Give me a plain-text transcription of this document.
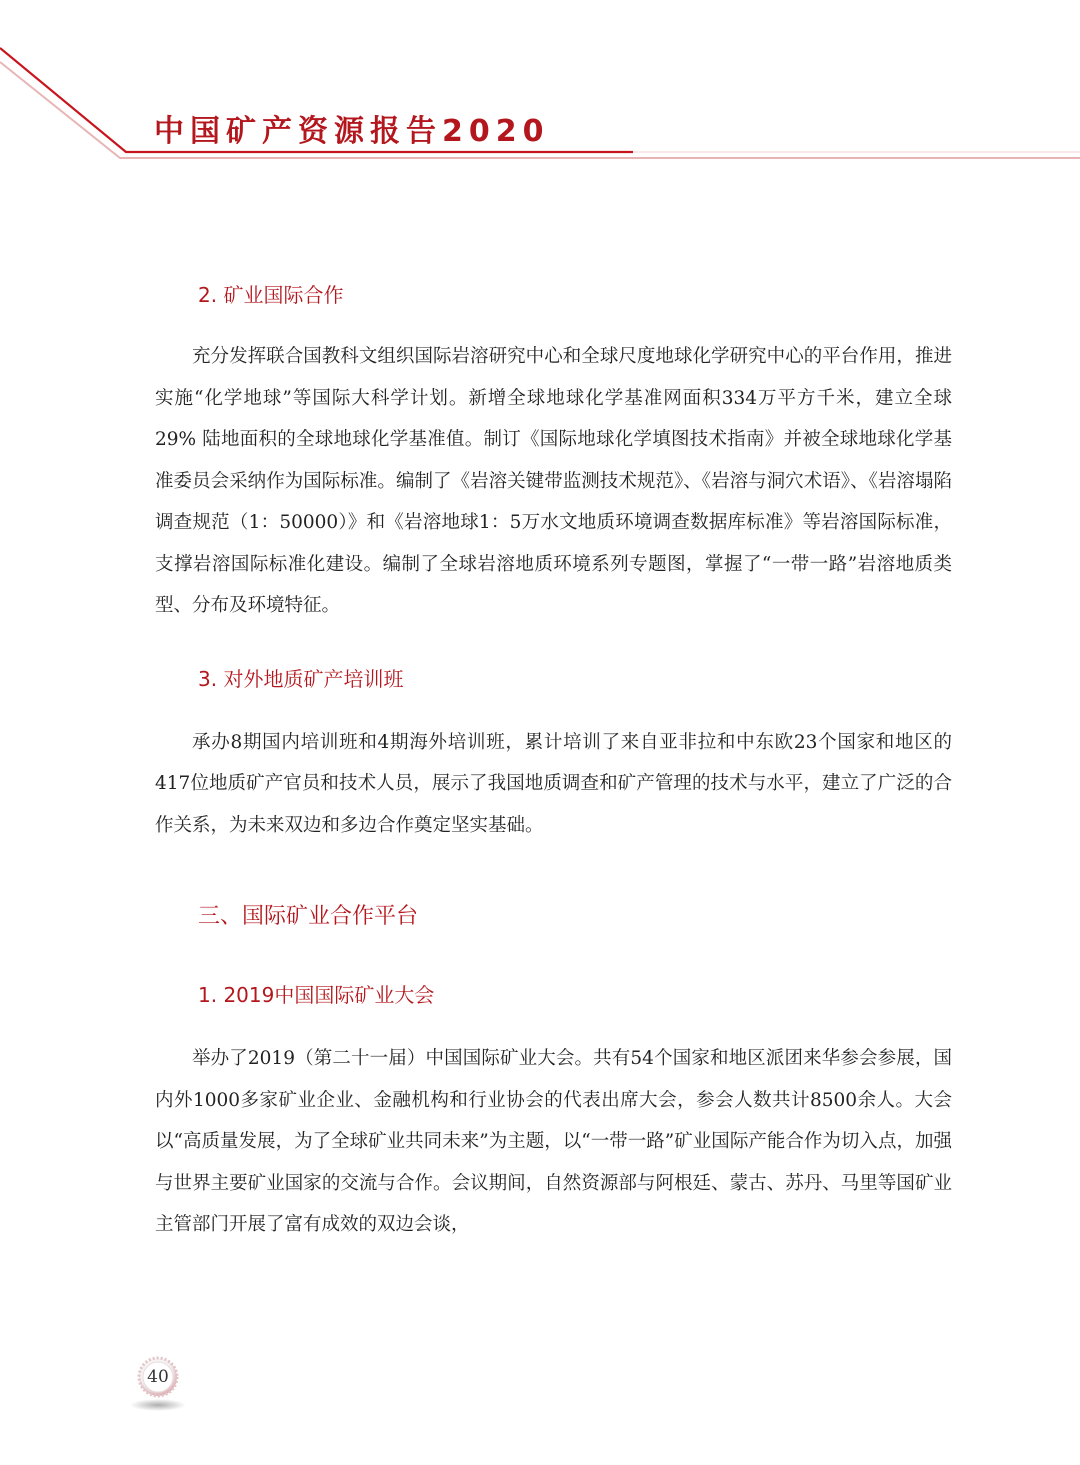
中国矿产资源报告2020
2. 矿业国际合作

充分发挥联合国教科文组织国际岩溶研究中心和全球尺度地球化学研究中心的平台作用，推进实施“化学地球”等国际大科学计划。新增全球地球化学基准网面积334万平方千米，建立全球29% 陆地面积的全球地球化学基准值。制订《国际地球化学填图技术指南》并被全球地球化学基准委员会采纳作为国际标准。编制了《岩溶关键带监测技术规范》、《岩溶与洞穴术语》、《岩溶塌陷调查规范（1：50000）》和《岩溶地球1：5万水文地质环境调查数据库标准》等岩溶国际标准，支撑岩溶国际标准化建设。编制了全球岩溶地质环境系列专题图，掌握了“一带一路”岩溶地质类型、分布及环境特征。

3. 对外地质矿产培训班

承办8期国内培训班和4期海外培训班，累计培训了来自亚非拉和中东欧23个国家和地区的417位地质矿产官员和技术人员，展示了我国地质调查和矿产管理的技术与水平，建立了广泛的合作关系，为未来双边和多边合作奠定坚实基础。

三、国际矿业合作平台
1. 2019中国国际矿业大会

举办了2019（第二十一届）中国国际矿业大会。共有54个国家和地区派团来华参会参展，国内外1000多家矿业企业、金融机构和行业协会的代表出席大会，参会人数共计8500余人。大会以“高质量发展，为了全球矿业共同未来”为主题，以“一带一路”矿业国际产能合作为切入点，加强与世界主要矿业国家的交流与合作。会议期间，自然资源部与阿根廷、蒙古、苏丹、马里等国矿业主管部门开展了富有成效的双边会谈，

40
